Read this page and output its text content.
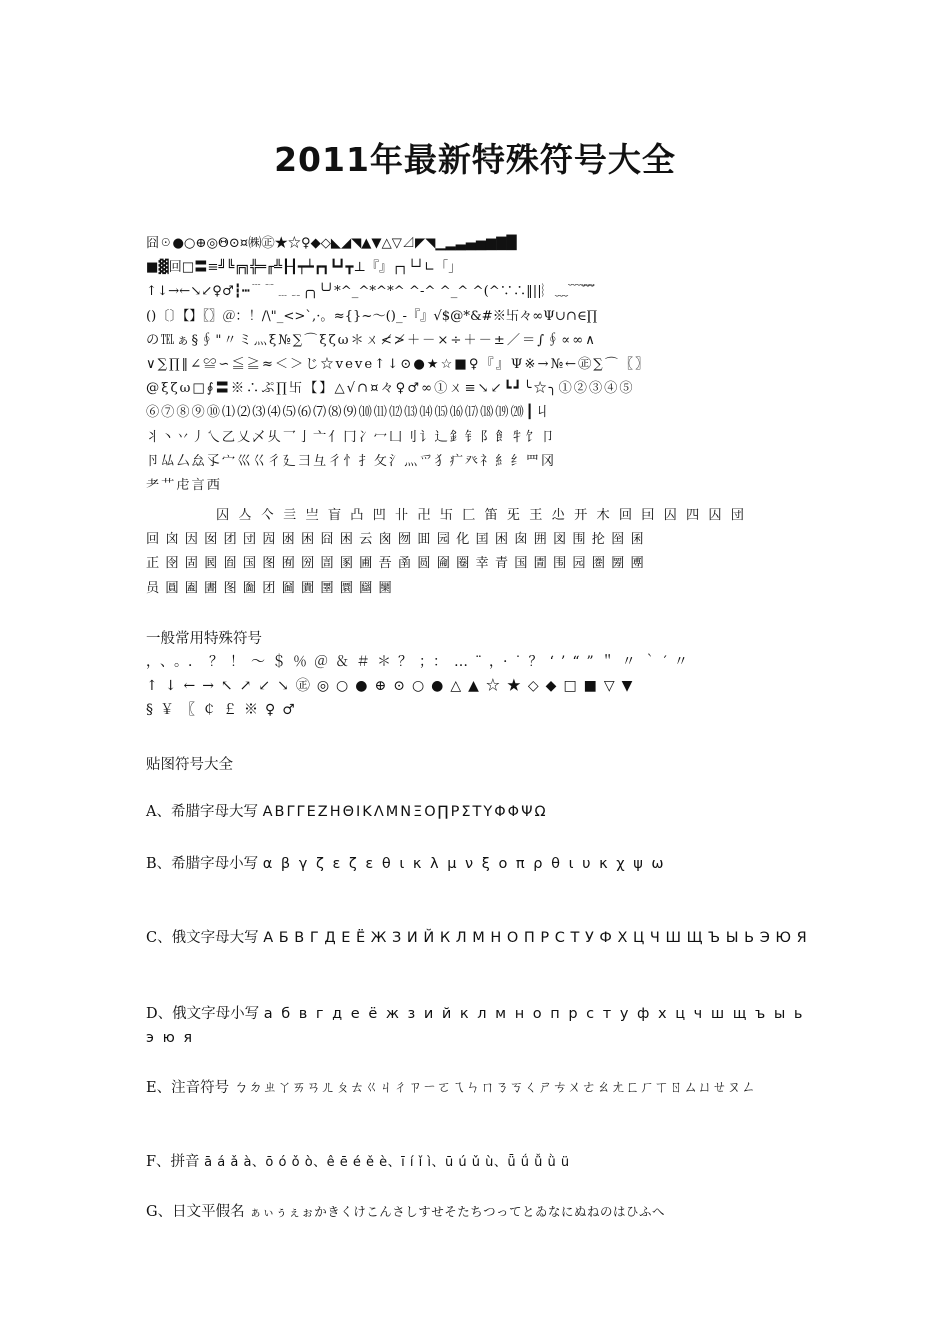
2011年最新特殊符号大全
囧☉●○⊕◎Θ⊙¤㈱㊣★☆♀◆◇◣◢◥▲▼△▽⊿◤◥▁▂▃▄▅▆▇█
■▓回□〓≡╝╚╔╗╬═╓╩┠┨┯┷┏┓┗┛┳⊥『』┌┐└┘∟「」
↑↓→←↘↙♀♂┇┅﹉﹊﹍﹎╭╮╰╯*^_^*^*^ ^-^ ^_^ ^(^∵∴‖||︴﹏﹋﹌
()〔〕【】〖〗＠：！/\"_<>`,·。≈{}~～()_-『』√$@*&#※卐々∞Ψ∪∩∈∏
の℡ぁ§∮"〃ミ灬ξ№∑⌒ξζω＊ㄨ≮≯＋－×÷＋－±／＝∫∮∝∞∧
∨∑∏‖∠≌∽≦≧≈＜＞じ☆veve↑↓⊙●★☆■♀『』Ψ※→№←㊣∑⌒〖〗
@ξζω□∮〓※∴ぷ∏卐【】△√∩¤々♀♂∞①ㄨ≡↘↙┗┛╰☆╮①②③④⑤
⑥⑦⑧⑨⑩⑴⑵⑶⑷⑸⑹⑺⑻⑼⑽⑾⑿⒀⒁⒂⒃⒄⒅⒆⒇┃丩
丬丶丷丿乀乙乂乄乆乛亅亠亻冂冫冖凵刂讠辶釒钅阝飠牜饣卩
卪厸厶厽孓宀巛巜彳廴彐彑彳忄扌攵氵灬爫犭疒癶礻糹纟罒冈
耂艹虍言西
囚 亼 亽 亖 亗 盲 凸 凹 卝 卍 卐 匚 笛 旡 王 尐 开 木 回 囙 囚 四 囚 団
回 囟 因 囡 团 団 囥 囦 困 囧 困 云 囪 囫 囬 园 化 囯 困 囱 囲 図 围 抡 囶 囷
正 囹 固 囻 囼 国 图 囿 圀 圁 圂 圃 吾 圅 圆 圇 圈 幸 青 国 圊 围 园 圏 圐 圑
员 圓 圔 圕 图 圗 团 圙 圚 圛 圜 圝 圞

一般常用特殊符号

，、。．？！～＄％＠＆＃＊？；：…¨，·˙？‘’“”＂〃｀′〃
↑↓←→↖↗↙↘㊣◎○●⊕⊙○●△▲☆★◇◆□■▽▼
§￥〖￠￡※♀♂

贴图符号大全

A、希腊字母大写 ΑΒΓΓΕΖΗΘΙΚΛΜΝΞΟ∏ΡΣΤΥΦΦΨΩ
B、希腊字母小写 α β γ ζ ε ζ ε θ ι κ λ μ ν ξ ο π ρ θ ι υ κ χ ψ ω
C、俄文字母大写 А Б В Г Д Е Ё Ж З И Й К Л М Н О П Р С Т У Ф Х Ц Ч Ш Щ Ъ Ы Ь Э Ю Я
D、俄文字母小写 а б в г д е ё ж з и й к л м н о п р с т у ф х ц ч ш щ ъ ы ь э ю я
E、注音符号 ㄅㄉㄓㄚㄞㄢㄦㄆㄊㄍㄐㄔㄗㄧㄛㄟㄣㄇㄋㄎㄑㄕㄘㄨㄜㄠㄤㄈㄏㄒㄖㄙㄩㄝㄡㄥ
F、拼音 ā á ǎ à、ō ó ǒ ò、ê ē é ě è、ī í ǐ ì、ū ú ǔ ù、ǖ ǘ ǚ ǜ ü
G、日文平假名 ぁぃぅぇぉかきくけこんさしすせそたちつってとゐなにぬねのはひふへ
